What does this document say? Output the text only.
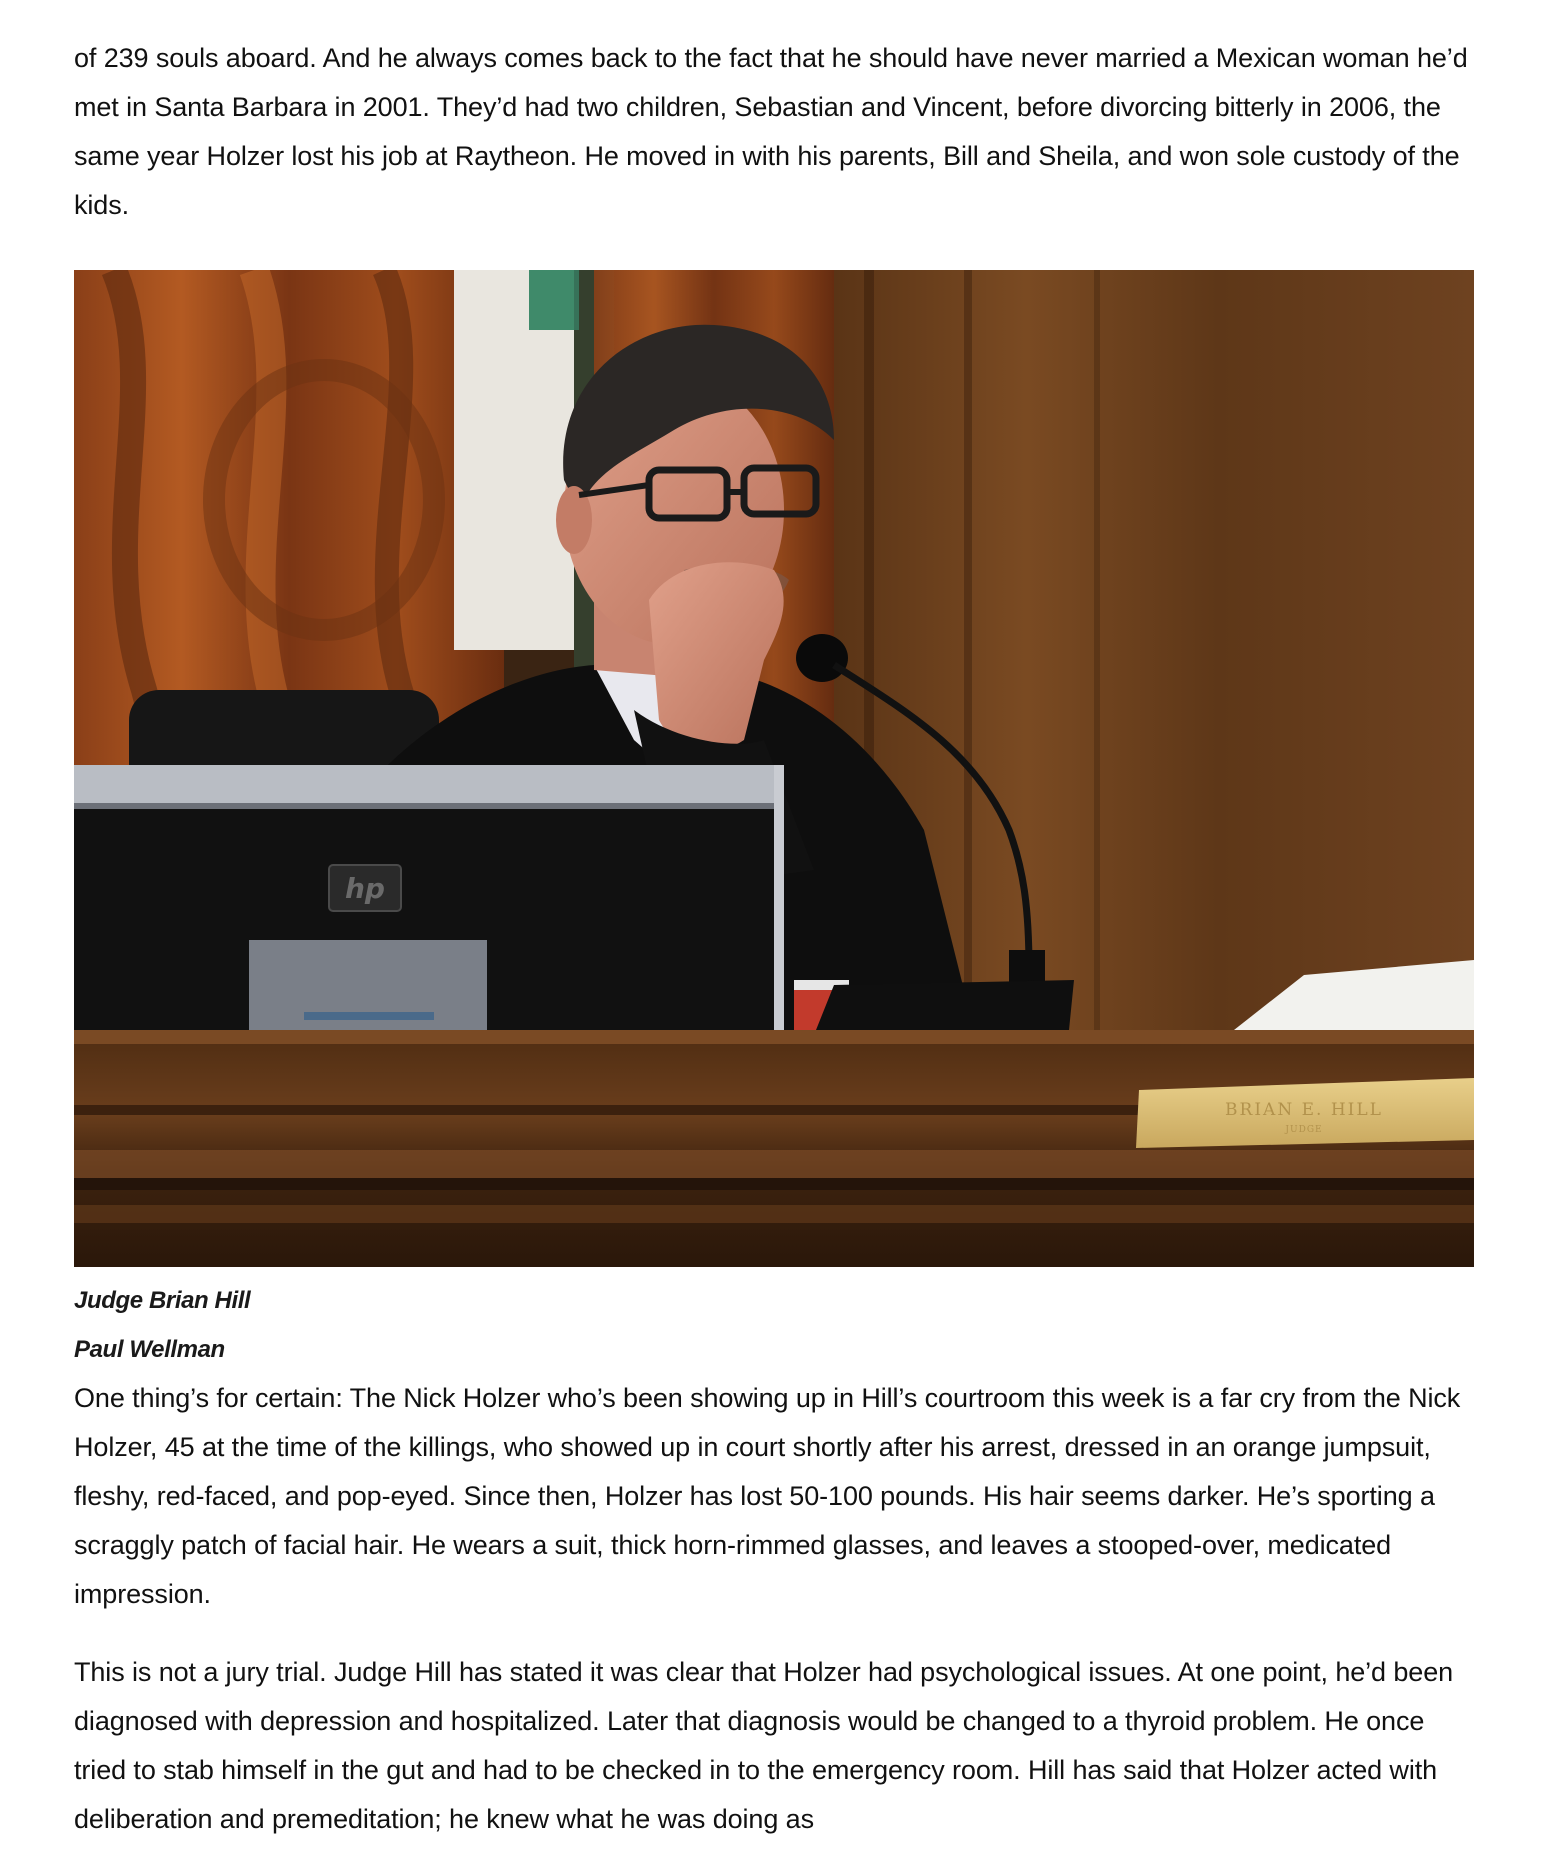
of 239 souls aboard. And he always comes back to the fact that he should have never married a Mexican woman he’d met in Santa Barbara in 2001. They’d had two children, Sebastian and Vincent, before divorcing bitterly in 2006, the same year Holzer lost his job at Raytheon. He moved in with his parents, Bill and Sheila, and won sole custody of the kids.

hp
BRIAN E. HILL
JUDGE
Judge Brian Hill
Paul Wellman

One thing’s for certain: The Nick Holzer who’s been showing up in Hill’s courtroom this week is a far cry from the Nick Holzer, 45 at the time of the killings, who showed up in court shortly after his arrest, dressed in an orange jumpsuit, fleshy, red-faced, and pop-eyed. Since then, Holzer has lost 50-100 pounds. His hair seems darker. He’s sporting a scraggly patch of facial hair. He wears a suit, thick horn-rimmed glasses, and leaves a stooped-over, medicated impression.

This is not a jury trial. Judge Hill has stated it was clear that Holzer had psychological issues. At one point, he’d been diagnosed with depression and hospitalized. Later that diagnosis would be changed to a thyroid problem. He once tried to stab himself in the gut and had to be checked in to the emergency room. Hill has said that Holzer acted with deliberation and premeditation; he knew what he was doing as
